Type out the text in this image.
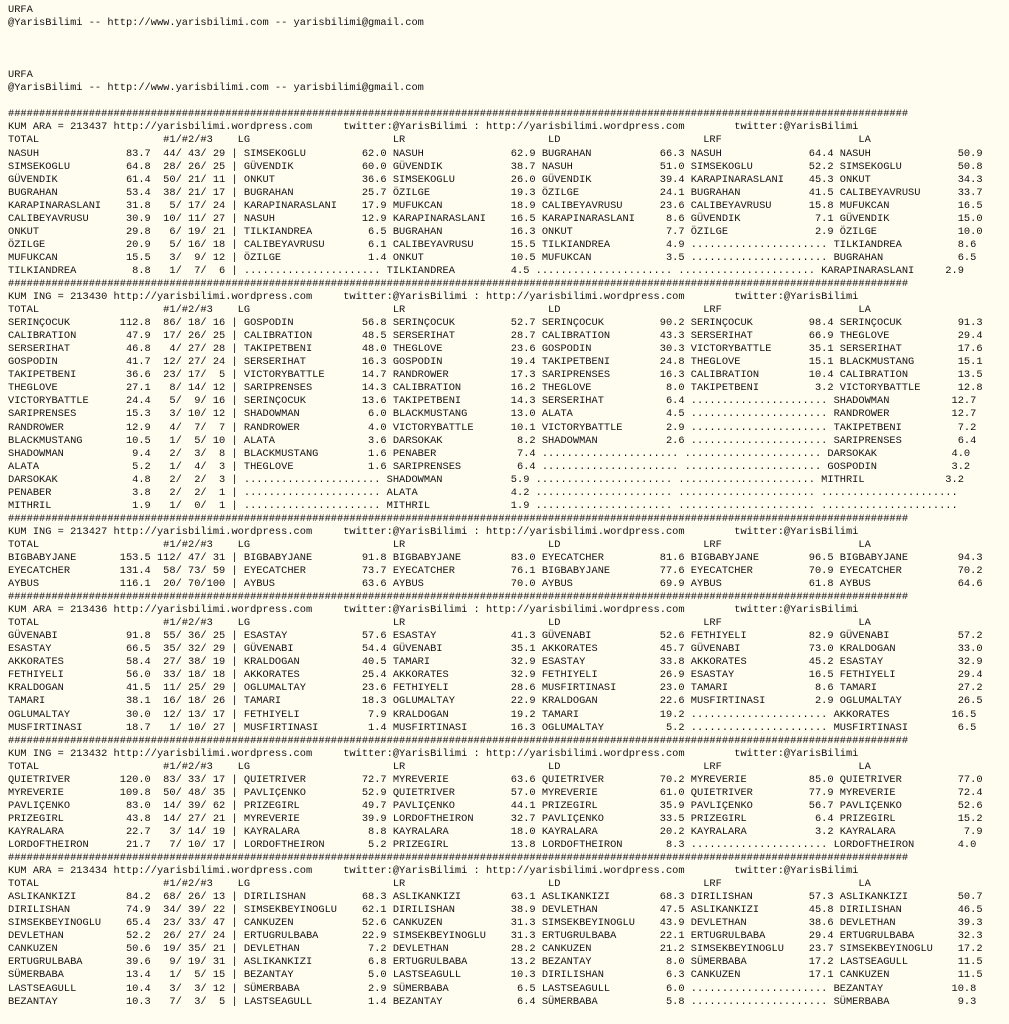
URFA
@YarisBilimi -- http://www.yarisbilimi.com -- yarisbilimi@gmail.com

URFA
@YarisBilimi -- http://www.yarisbilimi.com -- yarisbilimi@gmail.com

#################################################################################################################################################
KUM ARA = 213437 http://yarisbilimi.wordpress.com     twitter:@YarisBilimi : http://yarisbilimi.wordpress.com        twitter:@YarisBilimi
TOTAL                    #1/#2/#3    LG                       LR                       LD                       LRF                      LA
NASUH              83.7  44/ 43/ 29 | SIMSEKOGLU         62.0 NASUH              62.9 BUGRAHAN           66.3 NASUH              64.4 NASUH              50.9
SIMSEKOGLU         64.8  28/ 26/ 25 | GÜVENDIK           60.0 GÜVENDIK           38.7 NASUH              51.0 SIMSEKOGLU         52.2 SIMSEKOGLU         50.8
GÜVENDIK           61.4  50/ 21/ 11 | ONKUT              36.6 SIMSEKOGLU         26.0 GÜVENDIK           39.4 KARAPINARASLANI    45.3 ONKUT              34.3
BUGRAHAN           53.4  38/ 21/ 17 | BUGRAHAN           25.7 ÖZILGE             19.3 ÖZILGE             24.1 BUGRAHAN           41.5 CALIBEYAVRUSU      33.7
KARAPINARASLANI    31.8   5/ 17/ 24 | KARAPINARASLANI    17.9 MUFUKCAN           18.9 CALIBEYAVRUSU      23.6 CALIBEYAVRUSU      15.8 MUFUKCAN           16.5
CALIBEYAVRUSU      30.9  10/ 11/ 27 | NASUH              12.9 KARAPINARASLANI    16.5 KARAPINARASLANI     8.6 GÜVENDIK            7.1 GÜVENDIK           15.0
ONKUT              29.8   6/ 19/ 21 | TILKIANDREA         6.5 BUGRAHAN           16.3 ONKUT               7.7 ÖZILGE              2.9 ÖZILGE             10.0
ÖZILGE             20.9   5/ 16/ 18 | CALIBEYAVRUSU       6.1 CALIBEYAVRUSU      15.5 TILKIANDREA         4.9 ...................... TILKIANDREA         8.6
MUFUKCAN           15.5   3/  9/ 12 | ÖZILGE              1.4 ONKUT              10.5 MUFUKCAN            3.5 ...................... BUGRAHAN            6.5
TILKIANDREA         8.8   1/  7/  6 | ...................... TILKIANDREA         4.5 ...................... ...................... KARAPINARASLANI     2.9
#################################################################################################################################################
KUM ING = 213430 http://yarisbilimi.wordpress.com     twitter:@YarisBilimi : http://yarisbilimi.wordpress.com        twitter:@YarisBilimi
TOTAL                    #1/#2/#3    LG                       LR                       LD                       LRF                      LA
SERINÇOCUK        112.8  86/ 18/ 16 | GOSPODIN           56.8 SERINÇOCUK         52.7 SERINÇOCUK         90.2 SERINÇOCUK         98.4 SERINÇOCUK         91.3
CALIBRATION        47.9  17/ 26/ 25 | CALIBRATION        48.5 SERSERIHAT         28.7 CALIBRATION        43.3 SERSERIHAT         66.9 THEGLOVE           29.4
SERSERIHAT         46.8   4/ 27/ 28 | TAKIPETBENI        48.0 THEGLOVE           23.6 GOSPODIN           30.3 VICTORYBATTLE      35.1 SERSERIHAT         17.6
GOSPODIN           41.7  12/ 27/ 24 | SERSERIHAT         16.3 GOSPODIN           19.4 TAKIPETBENI        24.8 THEGLOVE           15.1 BLACKMUSTANG       15.1
TAKIPETBENI        36.6  23/ 17/  5 | VICTORYBATTLE      14.7 RANDROWER          17.3 SARIPRENSES        16.3 CALIBRATION        10.4 CALIBRATION        13.5
THEGLOVE           27.1   8/ 14/ 12 | SARIPRENSES        14.3 CALIBRATION        16.2 THEGLOVE            8.0 TAKIPETBENI         3.2 VICTORYBATTLE      12.8
VICTORYBATTLE      24.4   5/  9/ 16 | SERINÇOCUK         13.6 TAKIPETBENI        14.3 SERSERIHAT          6.4 ...................... SHADOWMAN          12.7
SARIPRENSES        15.3   3/ 10/ 12 | SHADOWMAN           6.0 BLACKMUSTANG       13.0 ALATA               4.5 ...................... RANDROWER          12.7
RANDROWER          12.9   4/  7/  7 | RANDROWER           4.0 VICTORYBATTLE      10.1 VICTORYBATTLE       2.9 ...................... TAKIPETBENI         7.2
BLACKMUSTANG       10.5   1/  5/ 10 | ALATA               3.6 DARSOKAK            8.2 SHADOWMAN           2.6 ...................... SARIPRENSES         6.4
SHADOWMAN           9.4   2/  3/  8 | BLACKMUSTANG        1.6 PENABER             7.4 ...................... ...................... DARSOKAK            4.0
ALATA               5.2   1/  4/  3 | THEGLOVE            1.6 SARIPRENSES         6.4 ...................... ...................... GOSPODIN            3.2
DARSOKAK            4.8   2/  2/  3 | ...................... SHADOWMAN           5.9 ...................... ...................... MITHRIL             3.2
PENABER             3.8   2/  2/  1 | ...................... ALATA               4.2 ...................... ...................... ......................
MITHRIL             1.9   1/  0/  1 | ...................... MITHRIL             1.9 ...................... ...................... ......................
#################################################################################################################################################
KUM ING = 213427 http://yarisbilimi.wordpress.com     twitter:@YarisBilimi : http://yarisbilimi.wordpress.com        twitter:@YarisBilimi
TOTAL                    #1/#2/#3    LG                       LR                       LD                       LRF                      LA
BIGBABYJANE       153.5 112/ 47/ 31 | BIGBABYJANE        91.8 BIGBABYJANE        83.0 EYECATCHER         81.6 BIGBABYJANE        96.5 BIGBABYJANE        94.3
EYECATCHER        131.4  58/ 73/ 59 | EYECATCHER         73.7 EYECATCHER         76.1 BIGBABYJANE        77.6 EYECATCHER         70.9 EYECATCHER         70.2
AYBUS             116.1  20/ 70/100 | AYBUS              63.6 AYBUS              70.0 AYBUS              69.9 AYBUS              61.8 AYBUS              64.6
#################################################################################################################################################
KUM ARA = 213436 http://yarisbilimi.wordpress.com     twitter:@YarisBilimi : http://yarisbilimi.wordpress.com        twitter:@YarisBilimi
TOTAL                    #1/#2/#3    LG                       LR                       LD                       LRF                      LA
GÜVENABI           91.8  55/ 36/ 25 | ESASTAY            57.6 ESASTAY            41.3 GÜVENABI           52.6 FETHIYELI          82.9 GÜVENABI           57.2
ESASTAY            66.5  35/ 32/ 29 | GÜVENABI           54.4 GÜVENABI           35.1 AKKORATES          45.7 GÜVENABI           73.0 KRALDOGAN          33.0
AKKORATES          58.4  27/ 38/ 19 | KRALDOGAN          40.5 TAMARI             32.9 ESASTAY            33.8 AKKORATES          45.2 ESASTAY            32.9
FETHIYELI          56.0  33/ 18/ 18 | AKKORATES          25.4 AKKORATES          32.9 FETHIYELI          26.9 ESASTAY            16.5 FETHIYELI          29.4
KRALDOGAN          41.5  11/ 25/ 29 | OGLUMALTAY         23.6 FETHIYELI          28.6 MUSFIRTINASI       23.0 TAMARI              8.6 TAMARI             27.2
TAMARI             38.1  16/ 18/ 26 | TAMARI             18.3 OGLUMALTAY         22.9 KRALDOGAN          22.6 MUSFIRTINASI        2.9 OGLUMALTAY         26.5
OGLUMALTAY         30.0  12/ 13/ 17 | FETHIYELI           7.9 KRALDOGAN          19.2 TAMARI             19.2 ...................... AKKORATES          16.5
MUSFIRTINASI       18.7   1/ 10/ 27 | MUSFIRTINASI        1.4 MUSFIRTINASI       16.3 OGLUMALTAY          5.2 ...................... MUSFIRTINASI        6.5
#################################################################################################################################################
KUM ING = 213432 http://yarisbilimi.wordpress.com     twitter:@YarisBilimi : http://yarisbilimi.wordpress.com        twitter:@YarisBilimi
TOTAL                    #1/#2/#3    LG                       LR                       LD                       LRF                      LA
QUIETRIVER        120.0  83/ 33/ 17 | QUIETRIVER         72.7 MYREVERIE          63.6 QUIETRIVER         70.2 MYREVERIE          85.0 QUIETRIVER         77.0
MYREVERIE         109.8  50/ 48/ 35 | PAVLIÇENKO         52.9 QUIETRIVER         57.0 MYREVERIE          61.0 QUIETRIVER         77.9 MYREVERIE          72.4
PAVLIÇENKO         83.0  14/ 39/ 62 | PRIZEGIRL          49.7 PAVLIÇENKO         44.1 PRIZEGIRL          35.9 PAVLIÇENKO         56.7 PAVLIÇENKO         52.6
PRIZEGIRL          43.8  14/ 27/ 21 | MYREVERIE          39.9 LORDOFTHEIRON      32.7 PAVLIÇENKO         33.5 PRIZEGIRL           6.4 PRIZEGIRL          15.2
KAYRALARA          22.7   3/ 14/ 19 | KAYRALARA           8.8 KAYRALARA          18.0 KAYRALARA          20.2 KAYRALARA           3.2 KAYRALARA           7.9
LORDOFTHEIRON      21.7   7/ 10/ 17 | LORDOFTHEIRON       5.2 PRIZEGIRL          13.8 LORDOFTHEIRON       8.3 ...................... LORDOFTHEIRON       4.0
#################################################################################################################################################
KUM ARA = 213434 http://yarisbilimi.wordpress.com     twitter:@YarisBilimi : http://yarisbilimi.wordpress.com        twitter:@YarisBilimi
TOTAL                    #1/#2/#3    LG                       LR                       LD                       LRF                      LA
ASLIKANKIZI        84.2  68/ 26/ 13 | DIRILISHAN         68.3 ASLIKANKIZI        63.1 ASLIKANKIZI        68.3 DIRILISHAN         57.3 ASLIKANKIZI        50.7
DIRILISHAN         74.9  34/ 39/ 22 | SIMSEKBEYINOGLU    62.1 DIRILISHAN         38.9 DEVLETHAN          47.5 ASLIKANKIZI        45.8 DIRILISHAN         46.5
SIMSEKBEYINOGLU    65.4  23/ 33/ 47 | CANKUZEN           52.6 CANKUZEN           31.3 SIMSEKBEYINOGLU    43.9 DEVLETHAN          38.6 DEVLETHAN          39.3
DEVLETHAN          52.2  26/ 27/ 24 | ERTUGRULBABA       22.9 SIMSEKBEYINOGLU    31.3 ERTUGRULBABA       22.1 ERTUGRULBABA       29.4 ERTUGRULBABA       32.3
CANKUZEN           50.6  19/ 35/ 21 | DEVLETHAN           7.2 DEVLETHAN          28.2 CANKUZEN           21.2 SIMSEKBEYINOGLU    23.7 SIMSEKBEYINOGLU    17.2
ERTUGRULBABA       39.6   9/ 19/ 31 | ASLIKANKIZI         6.8 ERTUGRULBABA       13.2 BEZANTAY            8.0 SÜMERBABA          17.2 LASTSEAGULL        11.5
SÜMERBABA          13.4   1/  5/ 15 | BEZANTAY            5.0 LASTSEAGULL        10.3 DIRILISHAN          6.3 CANKUZEN           17.1 CANKUZEN           11.5
LASTSEAGULL        10.4   3/  3/ 12 | SÜMERBABA           2.9 SÜMERBABA           6.5 LASTSEAGULL         6.0 ...................... BEZANTAY           10.8
BEZANTAY           10.3   7/  3/  5 | LASTSEAGULL         1.4 BEZANTAY            6.4 SÜMERBABA           5.8 ...................... SÜMERBABA           9.3
